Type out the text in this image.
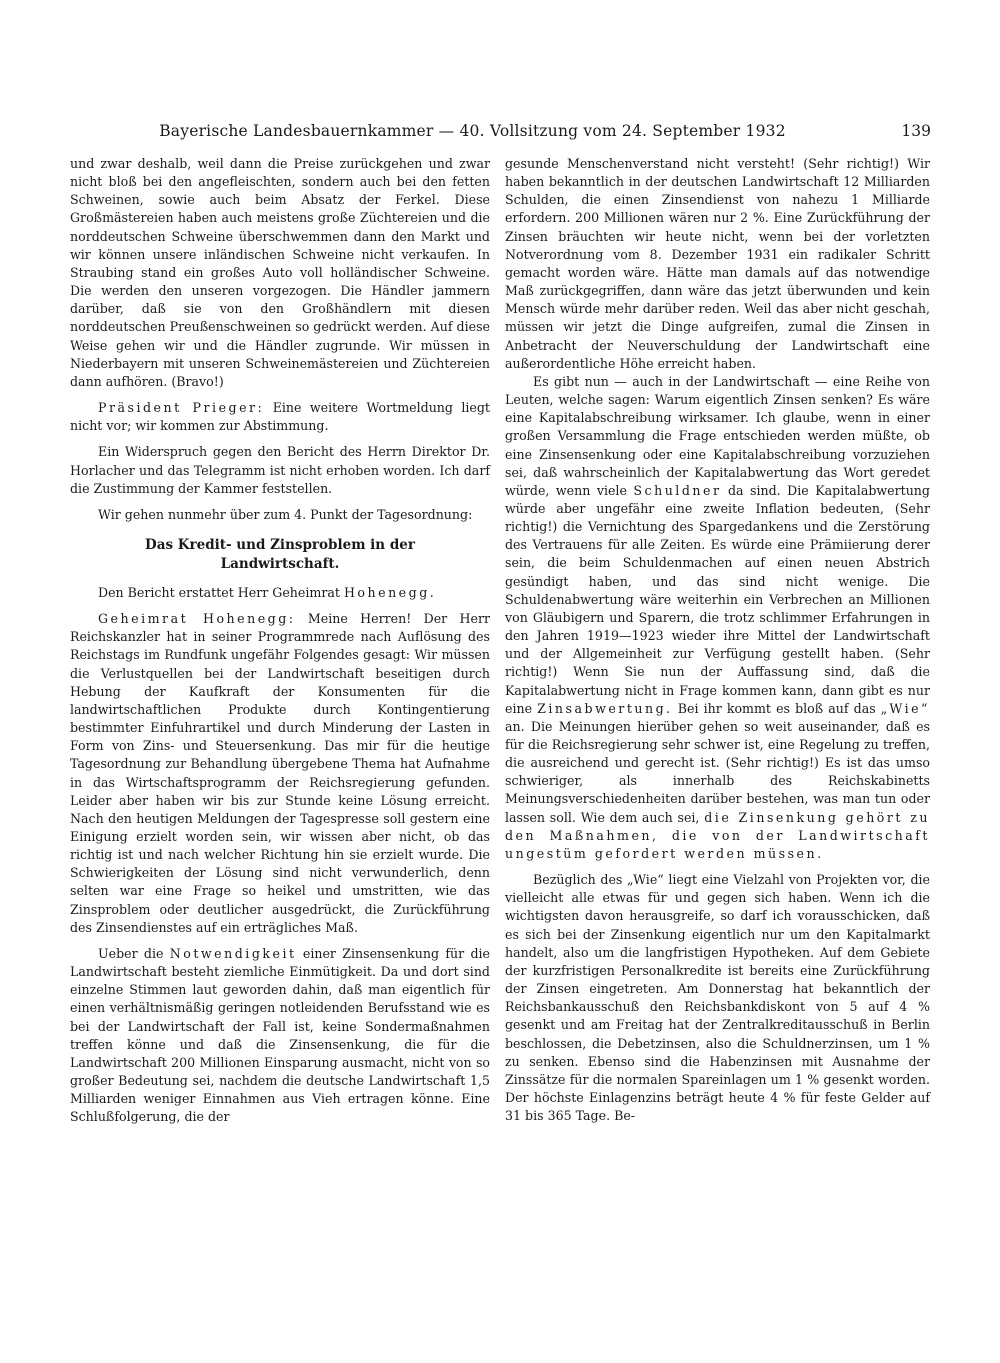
Bayerische Landesbauernkammer — 40. Vollsitzung vom 24. September 1932	139

und zwar deshalb, weil dann die Preise zurückgehen und zwar nicht bloß bei den angefleischten, sondern auch bei den fetten Schweinen, sowie auch beim Absatz der Ferkel. Diese Großmästereien haben auch meistens große Züchtereien und die norddeutschen Schweine überschwemmen dann den Markt und wir können unsere inländischen Schweine nicht verkaufen. In Straubing stand ein großes Auto voll holländischer Schweine. Die werden den unseren vorgezogen. Die Händler jammern darüber, daß sie von den Großhändlern mit diesen norddeutschen Preußenschweinen so gedrückt werden. Auf diese Weise gehen wir und die Händler zugrunde. Wir müssen in Niederbayern mit unseren Schweinemästereien und Züchtereien dann aufhören. (Bravo!)

Präsident Prieger: Eine weitere Wortmeldung liegt nicht vor; wir kommen zur Abstimmung.

Ein Widerspruch gegen den Bericht des Herrn Direktor Dr. Horlacher und das Telegramm ist nicht erhoben worden. Ich darf die Zustimmung der Kammer feststellen.

Wir gehen nunmehr über zum 4. Punkt der Tagesordnung:

Das Kredit- und Zinsproblem in der
Landwirtschaft.

Den Bericht erstattet Herr Geheimrat Hohenegg.

Geheimrat Hohenegg: Meine Herren! Der Herr Reichskanzler hat in seiner Programmrede nach Auflösung des Reichstags im Rundfunk ungefähr Folgendes gesagt: Wir müssen die Verlustquellen bei der Landwirtschaft beseitigen durch Hebung der Kaufkraft der Konsumenten für die landwirtschaftlichen Produkte durch Kontingentierung bestimmter Einfuhrartikel und durch Minderung der Lasten in Form von Zins- und Steuersenkung. Das mir für die heutige Tagesordnung zur Behandlung übergebene Thema hat Aufnahme in das Wirtschaftsprogramm der Reichsregierung gefunden. Leider aber haben wir bis zur Stunde keine Lösung erreicht. Nach den heutigen Meldungen der Tagespresse soll gestern eine Einigung erzielt worden sein, wir wissen aber nicht, ob das richtig ist und nach welcher Richtung hin sie erzielt wurde. Die Schwierigkeiten der Lösung sind nicht verwunderlich, denn selten war eine Frage so heikel und umstritten, wie das Zinsproblem oder deutlicher ausgedrückt, die Zurückführung des Zinsendienstes auf ein erträgliches Maß.

Ueber die Notwendigkeit einer Zinsensenkung für die Landwirtschaft besteht ziemliche Einmütigkeit. Da und dort sind einzelne Stimmen laut geworden dahin, daß man eigentlich für einen verhältnismäßig geringen notleidenden Berufsstand wie es bei der Landwirtschaft der Fall ist, keine Sondermaßnahmen treffen könne und daß die Zinsensenkung, die für die Landwirtschaft 200 Millionen Einsparung ausmacht, nicht von so großer Bedeutung sei, nachdem die deutsche Landwirtschaft 1,5 Milliarden weniger Einnahmen aus Vieh ertragen könne. Eine Schlußfolgerung, die der

gesunde Menschenverstand nicht versteht! (Sehr richtig!) Wir haben bekanntlich in der deutschen Landwirtschaft 12 Milliarden Schulden, die einen Zinsendienst von nahezu 1 Milliarde erfordern. 200 Millionen wären nur 2 %. Eine Zurückführung der Zinsen bräuchten wir heute nicht, wenn bei der vorletzten Notverordnung vom 8. Dezember 1931 ein radikaler Schritt gemacht worden wäre. Hätte man damals auf das notwendige Maß zurückgegriffen, dann wäre das jetzt überwunden und kein Mensch würde mehr darüber reden. Weil das aber nicht geschah, müssen wir jetzt die Dinge aufgreifen, zumal die Zinsen in Anbetracht der Neuverschuldung der Landwirtschaft eine außerordentliche Höhe erreicht haben.

Es gibt nun — auch in der Landwirtschaft — eine Reihe von Leuten, welche sagen: Warum eigentlich Zinsen senken? Es wäre eine Kapitalabschreibung wirksamer. Ich glaube, wenn in einer großen Versammlung die Frage entschieden werden müßte, ob eine Zinsensenkung oder eine Kapitalabschreibung vorzuziehen sei, daß wahrscheinlich der Kapitalabwertung das Wort geredet würde, wenn viele Schuldner da sind. Die Kapitalabwertung würde aber ungefähr eine zweite Inflation bedeuten, (Sehr richtig!) die Vernichtung des Spargedankens und die Zerstörung des Vertrauens für alle Zeiten. Es würde eine Prämiierung derer sein, die beim Schuldenmachen auf einen neuen Abstrich gesündigt haben, und das sind nicht wenige. Die Schuldenabwertung wäre weiterhin ein Verbrechen an Millionen von Gläubigern und Sparern, die trotz schlimmer Erfahrungen in den Jahren 1919—1923 wieder ihre Mittel der Landwirtschaft und der Allgemeinheit zur Verfügung gestellt haben. (Sehr richtig!) Wenn Sie nun der Auffassung sind, daß die Kapitalabwertung nicht in Frage kommen kann, dann gibt es nur eine Zinsabwertung. Bei ihr kommt es bloß auf das „Wie“ an. Die Meinungen hierüber gehen so weit auseinander, daß es für die Reichsregierung sehr schwer ist, eine Regelung zu treffen, die ausreichend und gerecht ist. (Sehr richtig!) Es ist das umso schwieriger, als innerhalb des Reichskabinetts Meinungsverschiedenheiten darüber bestehen, was man tun oder lassen soll. Wie dem auch sei, die Zinsenkung gehört zu den Maßnahmen, die von der Landwirtschaft ungestüm gefordert werden müssen.

Bezüglich des „Wie“ liegt eine Vielzahl von Projekten vor, die vielleicht alle etwas für und gegen sich haben. Wenn ich die wichtigsten davon herausgreife, so darf ich vorausschicken, daß es sich bei der Zinsenkung eigentlich nur um den Kapitalmarkt handelt, also um die langfristigen Hypotheken. Auf dem Gebiete der kurzfristigen Personalkredite ist bereits eine Zurückführung der Zinsen eingetreten. Am Donnerstag hat bekanntlich der Reichsbankausschuß den Reichsbankdiskont von 5 auf 4 % gesenkt und am Freitag hat der Zentralkreditausschuß in Berlin beschlossen, die Debetzinsen, also die Schuldnerzinsen, um 1 % zu senken. Ebenso sind die Habenzinsen mit Ausnahme der Zinssätze für die normalen Spareinlagen um 1 % gesenkt worden. Der höchste Einlagenzins beträgt heute 4 % für feste Gelder auf 31 bis 365 Tage. Be-
